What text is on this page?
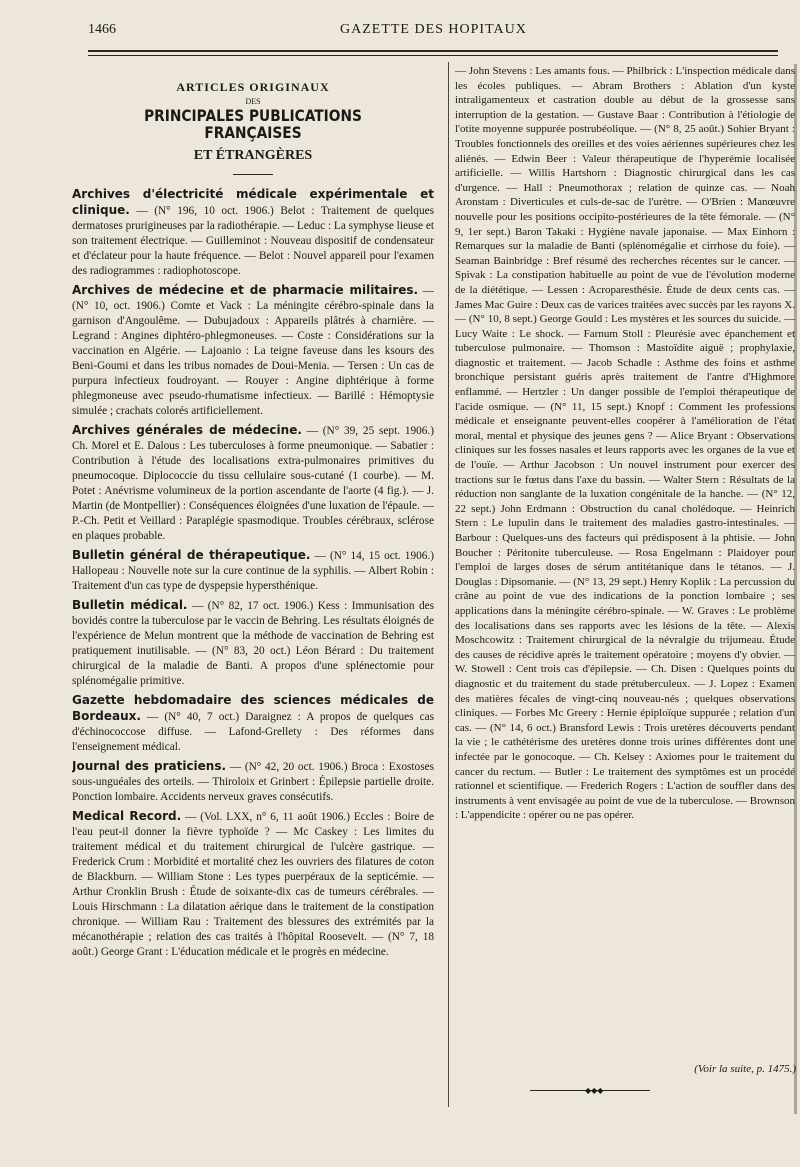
1466	GAZETTE DES HOPITAUX
ARTICLES ORIGINAUX
DES
PRINCIPALES PUBLICATIONS FRANÇAISES
ET ÉTRANGÈRES
Archives d'électricité médicale expérimentale et clinique. — (N° 196, 10 oct. 1906.) Belot : Traitement de quelques dermatoses prurigineuses par la radiothérapie. — Leduc : La symphyse lieuse et son traitement électrique. — Guilleminot : Nouveau dispositif de condensateur et d'éclateur pour la haute fréquence. — Belot : Nouvel appareil pour l'examen des radiogrammes : radiophotoscope.
Archives de médecine et de pharmacie militaires. — (N° 10, oct. 1906.) Comte et Vack : La méningite cérébro-spinale dans la garnison d'Angoulême. — Dubujadoux : Appareils plâtrés à charnière. — Legrand : Angines diphtéro-phlegmoneuses. — Coste : Considérations sur la vaccination en Algérie. — Lajoanio : La teigne faveuse dans les ksours des Beni-Goumi et dans les tribus nomades de Doui-Menia. — Tersen : Un cas de purpura infectieux foudroyant. — Rouyer : Angine diphtérique à forme phlegmoneuse avec pseudo-rhumatisme infectieux. — Barillé : Hémoptysie simulée ; crachats colorés artificiellement.
Archives générales de médecine. — (N° 39, 25 sept. 1906.) Ch. Morel et E. Dalous : Les tuberculoses à forme pneumonique. — Sabatier : Contribution à l'étude des localisations extra-pulmonaires primitives du pneumocoque. Diplococcie du tissu cellulaire sous-cutané (1 courbe). — M. Potet : Anévrisme volumineux de la portion ascendante de l'aorte (4 fig.). — J. Martin (de Montpellier) : Conséquences éloignées d'une luxation de l'épaule. — P.-Ch. Petit et Veillard : Paraplégie spasmodique. Troubles cérébraux, sclérose en plaques probable.
Bulletin général de thérapeutique. — (N° 14, 15 oct. 1906.) Hallopeau : Nouvelle note sur la cure continue de la syphilis. — Albert Robin : Traitement d'un cas type de dyspepsie hypersthénique.
Bulletin médical. — (N° 82, 17 oct. 1906.) Kess : Immunisation des bovidés contre la tuberculose par le vaccin de Behring. Les résultats éloignés de l'expérience de Melun montrent que la méthode de vaccination de Behring est pratiquement inutilisable. — (N° 83, 20 oct.) Léon Bérard : Du traitement chirurgical de la maladie de Banti. A propos d'une splénectomie pour splénomégalie primitive.
Gazette hebdomadaire des sciences médicales de Bordeaux. — (N° 40, 7 oct.) Daraignez : A propos de quelques cas d'échinococcose diffuse. — Lafond-Grellety : Des réformes dans l'enseignement médical.
Journal des praticiens. — (N° 42, 20 oct. 1906.) Broca : Exostoses sous-unguéales des orteils. — Thiroloix et Grinbert : Épilepsie partielle droite. Ponction lombaire. Accidents nerveux graves consécutifs.
Medical Record. — (Vol. LXX, n° 6, 11 août 1906.) Eccles : Boire de l'eau peut-il donner la fièvre typhoïde ? — Mc Caskey : Les limites du traitement médical et du traitement chirurgical de l'ulcère gastrique. — Frederick Crum : Morbidité et mortalité chez les ouvriers des filatures de coton de Blackburn. — William Stone : Les types puerpéraux de la septicémie. — Arthur Cronklin Brush : Étude de soixante-dix cas de tumeurs cérébrales. — Louis Hirschmann : La dilatation aérique dans le traitement de la constipation chronique. — William Rau : Traitement des blessures des extrémités par la mécanothérapie ; relation des cas traités à l'hôpital Roosevelt. — (N° 7, 18 août.) George Grant : L'éducation médicale et le progrès en médecine.
— John Stevens : Les amants fous. — Philbrick : L'inspection médicale dans les écoles publiques. — Abram Brothers : Ablation d'un kyste intraligamenteux et castration double au début de la grossesse sans interruption de la gestation. — Gustave Baar : Contribution à l'étiologie de l'otite moyenne suppurée postrubéolique. — (N° 8, 25 août.) Sohier Bryant : Troubles fonctionnels des oreilles et des voies aériennes supérieures chez les aliénés. — Edwin Beer : Valeur thérapeutique de l'hyperémie localisée artificielle. — Willis Hartshorn : Diagnostic chirurgical dans les cas d'urgence. — Hall : Pneumothorax ; relation de quinze cas. — Noah Aronstam : Diverticules et culs-de-sac de l'urètre. — O'Brien : Manœuvre nouvelle pour les positions occipito-postérieures de la tête fémorale. — (N° 9, 1er sept.) Baron Takaki : Hygiène navale japonaise. — Max Einhorn : Remarques sur la maladie de Banti (splénomégalie et cirrhose du foie). — Seaman Bainbridge : Bref résumé des recherches récentes sur le cancer. — Spivak : La constipation habituelle au point de vue de l'évolution moderne de la diététique. — Lessen : Acroparesthésie. Étude de deux cents cas. — James Mac Guire : Deux cas de varices traitées avec succès par les rayons X. — (N° 10, 8 sept.) George Gould : Les mystères et les sources du suicide. — Lucy Waite : Le shock. — Farnum Stoll : Pleurésie avec épanchement et tuberculose pulmonaire. — Thomson : Mastoïdite aiguë ; prophylaxie, diagnostic et traitement. — Jacob Schadle : Asthme des foins et asthme bronchique persistant guéris après traitement de l'antre d'Highmore enflammé. — Hertzler : Un danger possible de l'emploi thérapeutique de l'acide osmique. — (N° 11, 15 sept.) Knopf : Comment les professions médicale et enseignante peuvent-elles coopérer à l'amélioration de l'état moral, mental et physique des jeunes gens ? — Alice Bryant : Observations cliniques sur les fosses nasales et leurs rapports avec les organes de la vue et de l'ouïe. — Arthur Jacobson : Un nouvel instrument pour exercer des tractions sur le fœtus dans l'axe du bassin. — Walter Stern : Résultats de la réduction non sanglante de la luxation congénitale de la hanche. — (N° 12, 22 sept.) John Erdmann : Obstruction du canal cholédoque. — Heinrich Stern : Le lupulin dans le traitement des maladies gastro-intestinales. — Barbour : Quelques-uns des facteurs qui prédisposent à la phtisie. — John Boucher : Péritonite tuberculeuse. — Rosa Engelmann : Plaidoyer pour l'emploi de larges doses de sérum antitétanique dans le tétanos. — J. Douglas : Dipsomanie. — (N° 13, 29 sept.) Henry Koplik : La percussion du crâne au point de vue des indications de la ponction lombaire ; ses applications dans la méningite cérébro-spinale. — W. Graves : Le problème des localisations dans ses rapports avec les lésions de la tête. — Alexis Moschcowitz : Traitement chirurgical de la névralgie du trijumeau. Étude des causes de récidive après le traitement opératoire ; moyens d'y obvier. — W. Stowell : Cent trois cas d'épilepsie. — Ch. Disen : Quelques points du diagnostic et du traitement du stade prétuberculeux. — J. Lopez : Examen des matières fécales de vingt-cinq nouveau-nés ; quelques observations cliniques. — Forbes Mc Greery : Hernie épiploïque suppurée ; relation d'un cas. — (N° 14, 6 oct.) Bransford Lewis : Trois uretères découverts pendant la vie ; le cathétérisme des uretères donne trois urines différentes dont une infectée par le gonocoque. — Ch. Kelsey : Axiomes pour le traitement du cancer du rectum. — Butler : Le traitement des symptômes est un procédé rationnel et scientifique. — Frederich Rogers : L'action de souffler dans des instruments à vent envisagée au point de vue de la tuberculose. — Brownson : L'appendicite : opérer ou ne pas opérer.
(Voir la suite, p. 1475.)
◆◆◆
